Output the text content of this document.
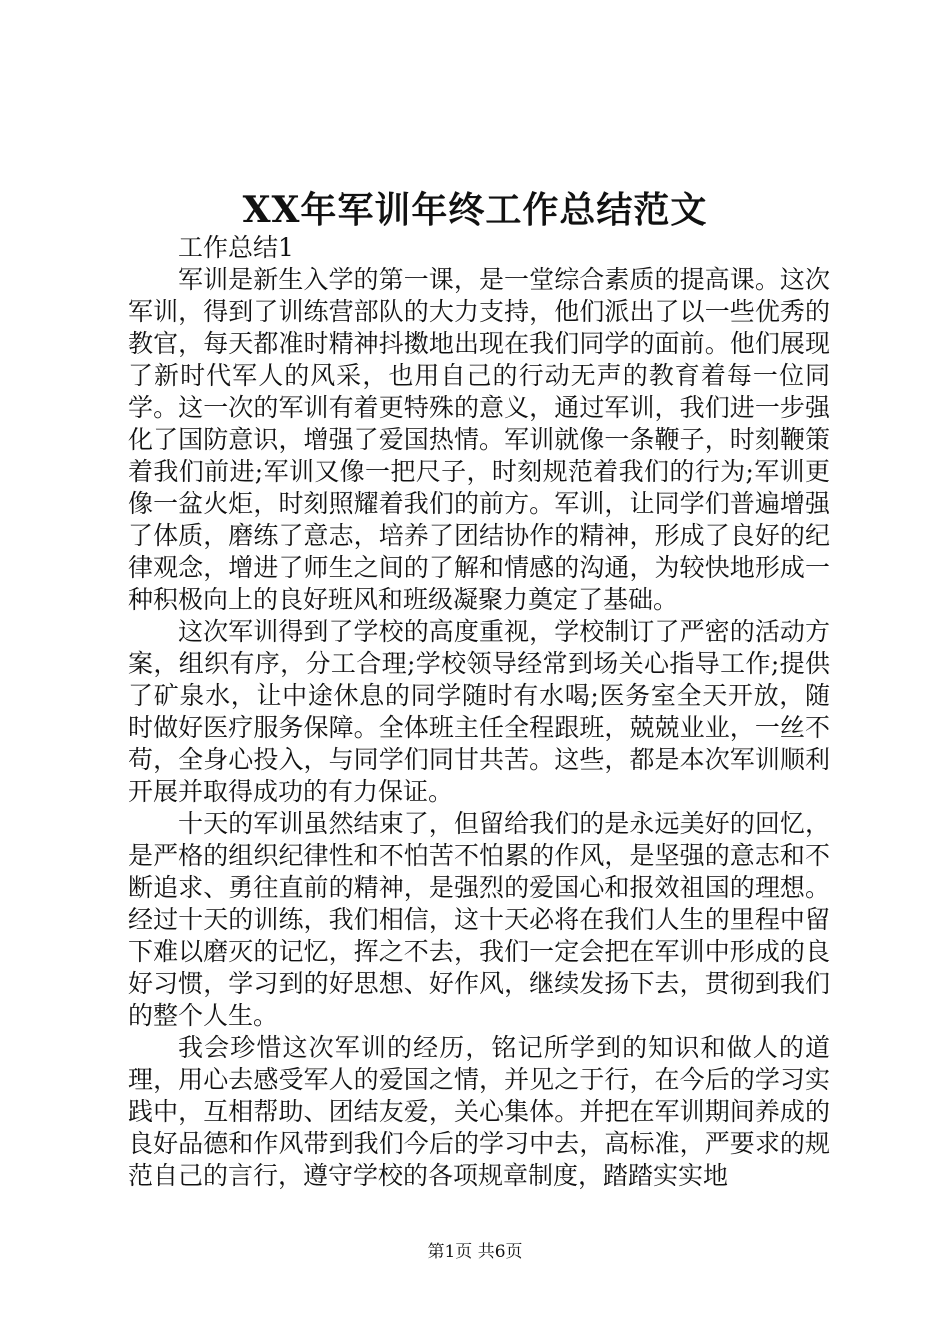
XX年军训年终工作总结范文

工作总结1

军训是新生入学的第一课，是一堂综合素质的提高课。这次军训，得到了训练营部队的大力支持，他们派出了以一些优秀的教官，每天都准时精神抖擞地出现在我们同学的面前。他们展现了新时代军人的风采，也用自己的行动无声的教育着每一位同学。这一次的军训有着更特殊的意义，通过军训，我们进一步强化了国防意识，增强了爱国热情。军训就像一条鞭子，时刻鞭策着我们前进;军训又像一把尺子，时刻规范着我们的行为;军训更像一盆火炬，时刻照耀着我们的前方。军训，让同学们普遍增强了体质，磨练了意志，培养了团结协作的精神，形成了良好的纪律观念，增进了师生之间的了解和情感的沟通，为较快地形成一种积极向上的良好班风和班级凝聚力奠定了基础。

这次军训得到了学校的高度重视，学校制订了严密的活动方案，组织有序，分工合理;学校领导经常到场关心指导工作;提供了矿泉水，让中途休息的同学随时有水喝;医务室全天开放，随时做好医疗服务保障。全体班主任全程跟班，兢兢业业，一丝不苟，全身心投入，与同学们同甘共苦。这些，都是本次军训顺利开展并取得成功的有力保证。

十天的军训虽然结束了，但留给我们的是永远美好的回忆，是严格的组织纪律性和不怕苦不怕累的作风，是坚强的意志和不断追求、勇往直前的精神，是强烈的爱国心和报效祖国的理想。经过十天的训练，我们相信，这十天必将在我们人生的里程中留下难以磨灭的记忆，挥之不去，我们一定会把在军训中形成的良好习惯，学习到的好思想、好作风，继续发扬下去，贯彻到我们的整个人生。

我会珍惜这次军训的经历，铭记所学到的知识和做人的道理，用心去感受军人的爱国之情，并见之于行，在今后的学习实践中，互相帮助、团结友爱，关心集体。并把在军训期间养成的良好品德和作风带到我们今后的学习中去，高标准，严要求的规范自己的言行，遵守学校的各项规章制度，踏踏实实地

第1页 共6页
